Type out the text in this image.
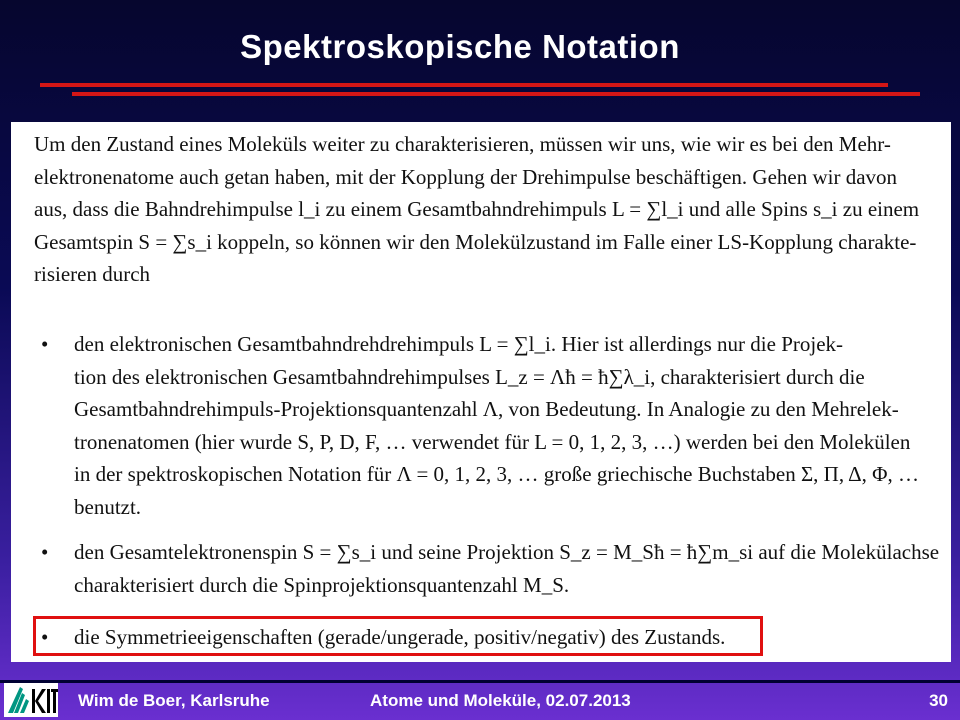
Spektroskopische Notation
Um den Zustand eines Moleküls weiter zu charakterisieren, müssen wir uns, wie wir es bei den Mehr-
elektronenatome auch getan haben, mit der Kopplung der Drehimpulse beschäftigen. Gehen wir davon
aus, dass die Bahndrehimpulse l_i zu einem Gesamtbahndrehimpuls L = ∑l_i und alle Spins s_i zu einem
Gesamtspin S = ∑s_i koppeln, so können wir den Molekülzustand im Falle einer LS-Kopplung charakte-
risieren durch
• den elektronischen Gesamtbahndrehdrehimpuls L = ∑l_i. Hier ist allerdings nur die Projek-
tion des elektronischen Gesamtbahndrehimpulses L_z = Λħ = ħ∑λ_i, charakterisiert durch die
Gesamtbahndrehimpuls-Projektionsquantenzahl Λ, von Bedeutung. In Analogie zu den Mehrelek-
tronenatomen (hier wurde S, P, D, F, … verwendet für L = 0, 1, 2, 3, …) werden bei den Molekülen
in der spektroskopischen Notation für Λ = 0, 1, 2, 3, … große griechische Buchstaben Σ, Π, Δ, Φ, …
benutzt.
• den Gesamtelektronenspin S = ∑s_i und seine Projektion S_z = M_Sħ = ħ∑m_si auf die Molekülachse
charakterisiert durch die Spinprojektionsquantenzahl M_S.
• die Symmetrieeigenschaften (gerade/ungerade, positiv/negativ) des Zustands.
Wim de Boer, Karlsruhe	Atome und Moleküle, 02.07.2013	30
